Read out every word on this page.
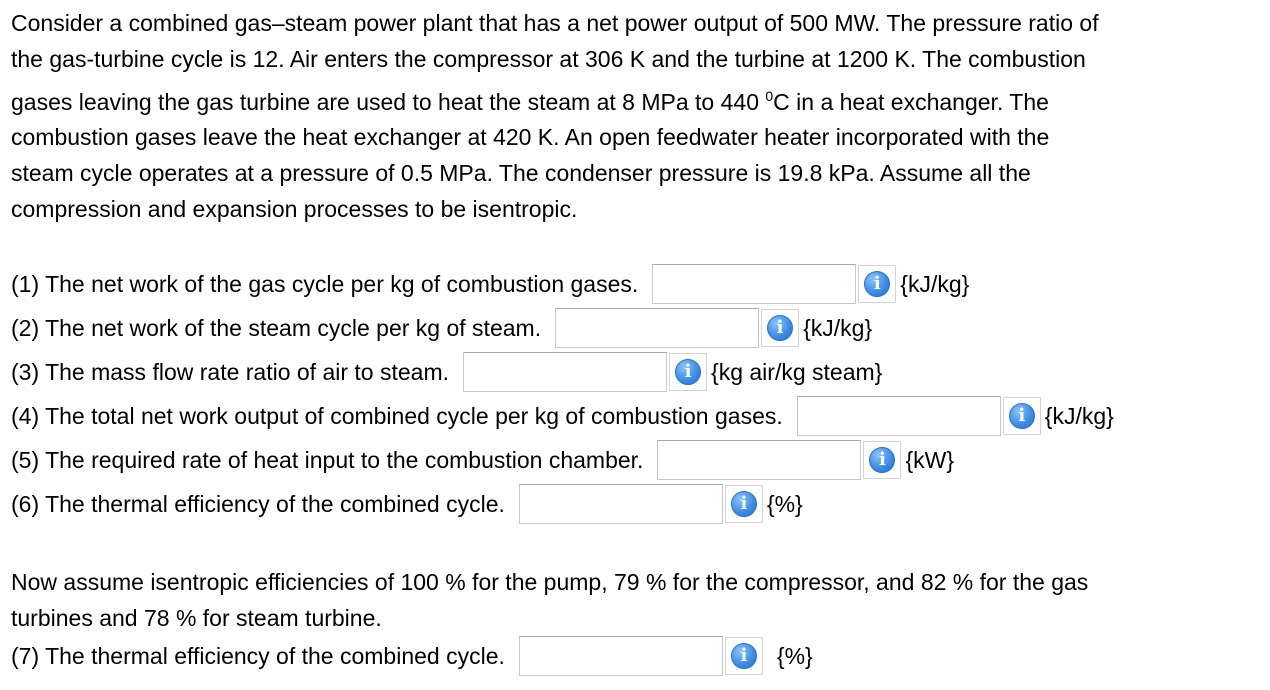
Consider a combined gas–steam power plant that has a net power output of 500 MW. The pressure ratio of
the gas-turbine cycle is 12. Air enters the compressor at 306 K and the turbine at 1200 K. The combustion
gases leaving the gas turbine are used to heat the steam at 8 MPa to 440 $^0$C in a heat exchanger. The
combustion gases leave the heat exchanger at 420 K. An open feedwater heater incorporated with the
steam cycle operates at a pressure of 0.5 MPa. The condenser pressure is 19.8 kPa. Assume all the
compression and expansion processes to be isentropic.
(1) The net work of the gas cycle per kg of combustion gases.	i {kJ/kg}
(2) The net work of the steam cycle per kg of steam.	i {kJ/kg}
(3) The mass flow rate ratio of air to steam.	i {kg air/kg steam}
(4) The total net work output of combined cycle per kg of combustion gases.	i {kJ/kg}
(5) The required rate of heat input to the combustion chamber.	i {kW}
(6) The thermal efficiency of the combined cycle.	i {%}
Now assume isentropic efficiencies of 100 % for the pump, 79 % for the compressor, and 82 % for the gas
turbines and 78 % for steam turbine.
(7) The thermal efficiency of the combined cycle.	i	{%}
